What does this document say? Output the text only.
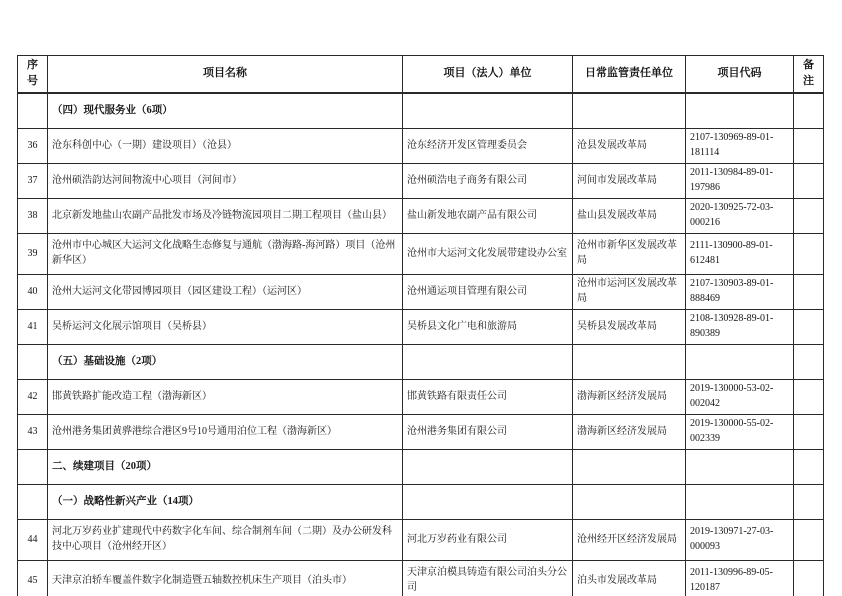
序号	项目名称	项目（法人）单位	日常监管责任单位	项目代码	备注
	（四）现代服务业（6项）				
36	沧东科创中心（一期）建设项目）（沧县）	沧东经济开发区管理委员会	沧县发展改革局	2107-130969-89-01-181114	
37	沧州硕浩韵达河间物流中心项目（河间市）	沧州硕浩电子商务有限公司	河间市发展改革局	2011-130984-89-01-197986	
38	北京新发地盐山农副产品批发市场及冷链物流园项目二期工程项目（盐山县）	盐山新发地农副产品有限公司	盐山县发展改革局	2020-130925-72-03-000216	
39	沧州市中心城区大运河文化战略生态修复与通航（渤海路-海河路）项目（沧州新华区）	沧州市大运河文化发展带建设办公室	沧州市新华区发展改革局	2111-130900-89-01-612481	
40	沧州大运河文化带园博园项目（园区建设工程）（运河区）	沧州通运项目管理有限公司	沧州市运河区发展改革局	2107-130903-89-01-888469	
41	吴桥运河文化展示馆项目（吴桥县）	吴桥县文化广电和旅游局	吴桥县发展改革局	2108-130928-89-01-890389	
	（五）基础设施（2项）				
42	邯黄铁路扩能改造工程（渤海新区）	邯黄铁路有限责任公司	渤海新区经济发展局	2019-130000-53-02-002042	
43	沧州港务集团黄骅港综合港区9号10号通用泊位工程（渤海新区）	沧州港务集团有限公司	渤海新区经济发展局	2019-130000-55-02-002339	
	二、续建项目（20项）				
	（一）战略性新兴产业（14项）				
44	河北万岁药业扩建现代中药数字化车间、综合制剂车间（二期）及办公研发科技中心项目（沧州经开区）	河北万岁药业有限公司	沧州经开区经济发展局	2019-130971-27-03-000093	
45	天津京泊轿车覆盖件数字化制造暨五轴数控机床生产项目（泊头市）	天津京泊模具铸造有限公司泊头分公司	泊头市发展改革局	2011-130996-89-05-120187	
